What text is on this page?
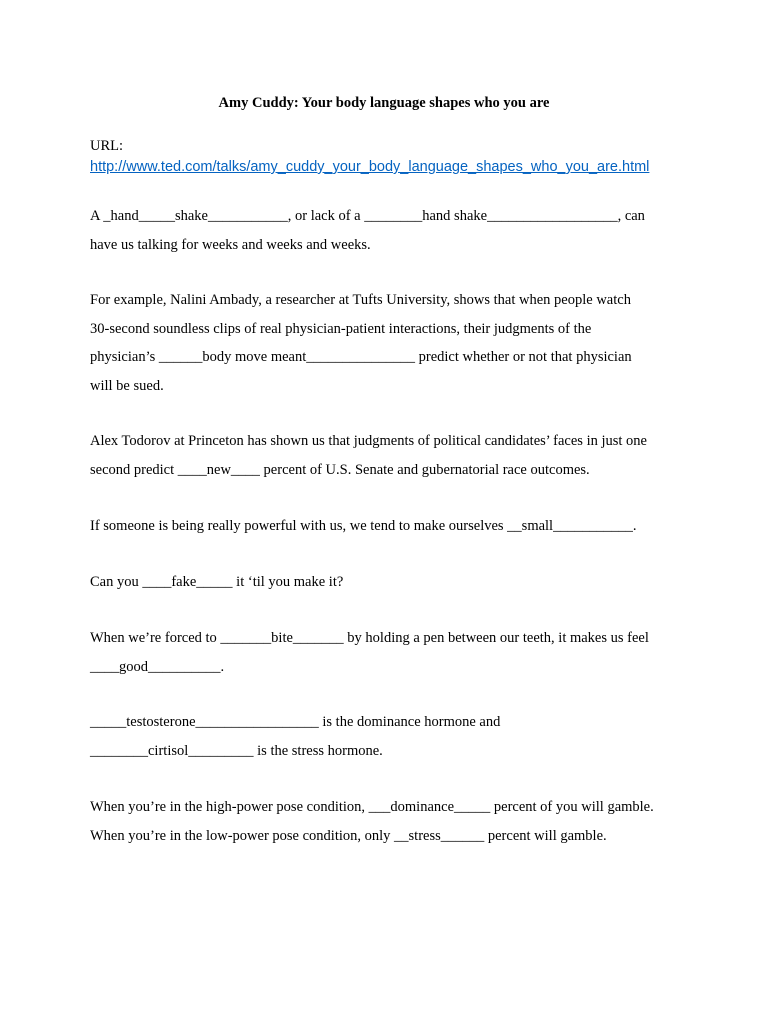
Amy Cuddy: Your body language shapes who you are
URL:
http://www.ted.com/talks/amy_cuddy_your_body_language_shapes_who_you_are.html

A _hand_____shake___________, or lack of a ________hand shake__________________, can
have us talking for weeks and weeks and weeks.

For example, Nalini Ambady, a researcher at Tufts University, shows that when people watch
30-second soundless clips of real physician-patient interactions, their judgments of the
physician’s ______body move meant_______________ predict whether or not that physician
will be sued.

Alex Todorov at Princeton has shown us that judgments of political candidates’ faces in just one
second predict ____new____ percent of U.S. Senate and gubernatorial race outcomes.

If someone is being really powerful with us, we tend to make ourselves __small___________.

Can you ____fake_____ it ‘til you make it?

When we’re forced to _______bite_______ by holding a pen between our teeth, it makes us feel
____good__________.

_____testosterone_________________ is the dominance hormone and
________cirtisol_________ is the stress hormone.

When you’re in the high-power pose condition, ___dominance_____ percent of you will gamble.
When you’re in the low-power pose condition, only __stress______ percent will gamble.
